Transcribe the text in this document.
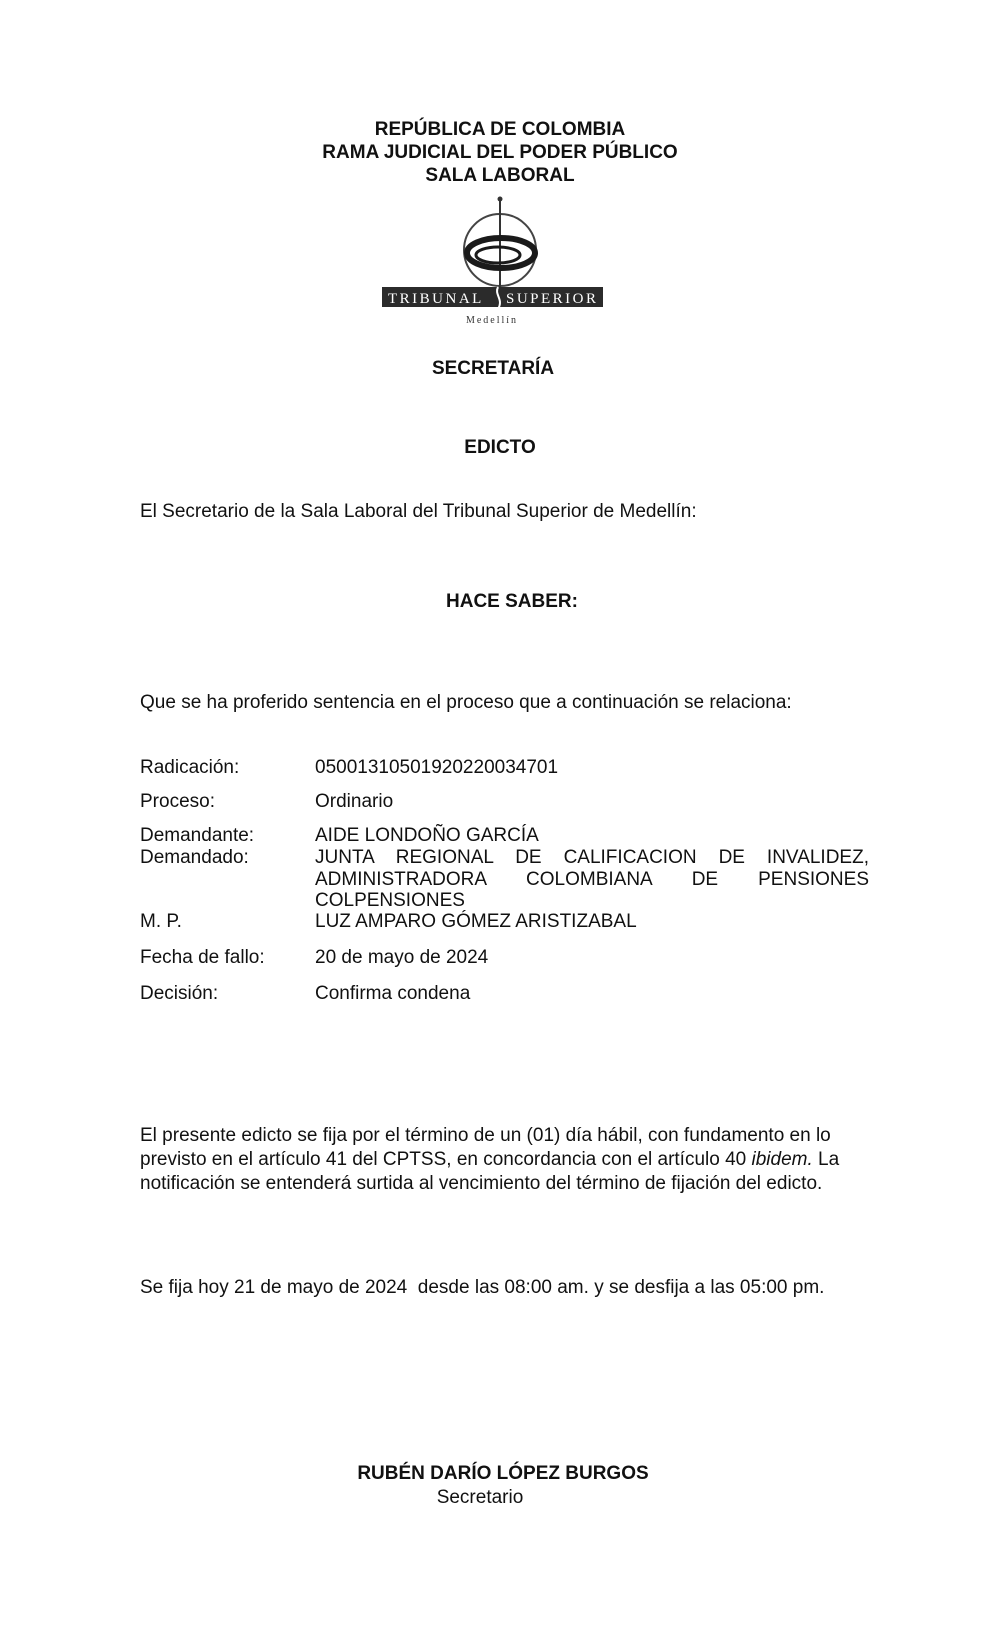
REPÚBLICA DE COLOMBIA
RAMA JUDICIAL DEL PODER PÚBLICO
SALA LABORAL
TRIBUNAL SUPERIOR
Medellín
SECRETARÍA
EDICTO
El Secretario de la Sala Laboral del Tribunal Superior de Medellín:
HACE SABER:
Que se ha proferido sentencia en el proceso que a continuación se relaciona:
Radicación:	05001310501920220034701
Proceso:	Ordinario
Demandante:	AIDE LONDOÑO GARCÍA
Demandado:	JUNTA REGIONAL DE CALIFICACION DE INVALIDEZ,
ADMINISTRADORA COLOMBIANA DE PENSIONES
COLPENSIONES
M. P.	LUZ AMPARO GÓMEZ ARISTIZABAL
Fecha de fallo:	20 de mayo de 2024
Decisión:	Confirma condena
El presente edicto se fija por el término de un (01) día hábil, con fundamento en lo previsto en el artículo 41 del CPTSS, en concordancia con el artículo 40 ibidem. La notificación se entenderá surtida al vencimiento del término de fijación del edicto.
Se fija hoy 21 de mayo de 2024  desde las 08:00 am. y se desfija a las 05:00 pm.
RUBÉN DARÍO LÓPEZ BURGOS
Secretario
